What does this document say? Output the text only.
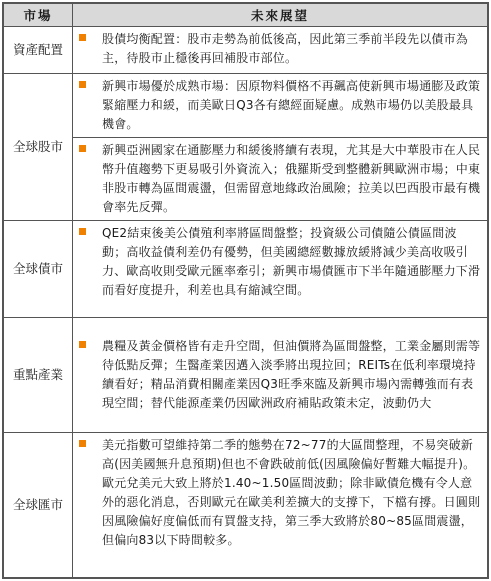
市場	未來展望
資產配置	股債均衡配置：股市走勢為前低後高，因此第三季前半段先以債市為主，待股市止穩後再回補股市部位。

全球股市	新興市場優於成熟市場：因原物料價格不再飆高使新興市場通膨及政策緊縮壓力和緩，而美歐日Q3各有總經面疑慮。成熟市場仍以美股最具機會。
新興亞洲國家在通膨壓力和緩後將續有表現，尤其是大中華股市在人民幣升值趨勢下更易吸引外資流入；俄羅斯受到整體新興歐洲市場；中東非股市轉為區間震盪，但需留意地緣政治風險；拉美以巴西股市最有機會率先反彈。

全球債市	QE2結束後美公債殖利率將區間盤整；投資級公司債隨公債區間波動；高收益債利差仍有優勢，但美國總經數據放緩將減少美高收吸引力、歐高收則受歐元匯率牽引；新興市場債匯市下半年隨通膨壓力下滑而看好度提升，利差也具有縮減空間。

重點產業	農糧及黃金價格皆有走升空間，但油價將為區間盤整，工業金屬則需等待低點反彈；生醫產業因邁入淡季將出現拉回；REITs在低利率環境持續看好；精品消費相關產業因Q3旺季來臨及新興市場內需轉強而有表現空間；替代能源產業仍因歐洲政府補貼政策未定，波動仍大

全球匯市	美元指數可望維持第二季的態勢在72~77的大區間整理，不易突破新高(因美國無升息預期)但也不會跌破前低(因風險偏好暫難大幅提升)。歐元兌美元大致上將於1.40~1.50區間波動；除非歐債危機有令人意外的惡化消息，否則歐元在歐美利差擴大的支撐下，下檔有撐。日圓則因風險偏好度偏低而有買盤支持，第三季大致將於80~85區間震盪，但偏向83以下時間較多。
